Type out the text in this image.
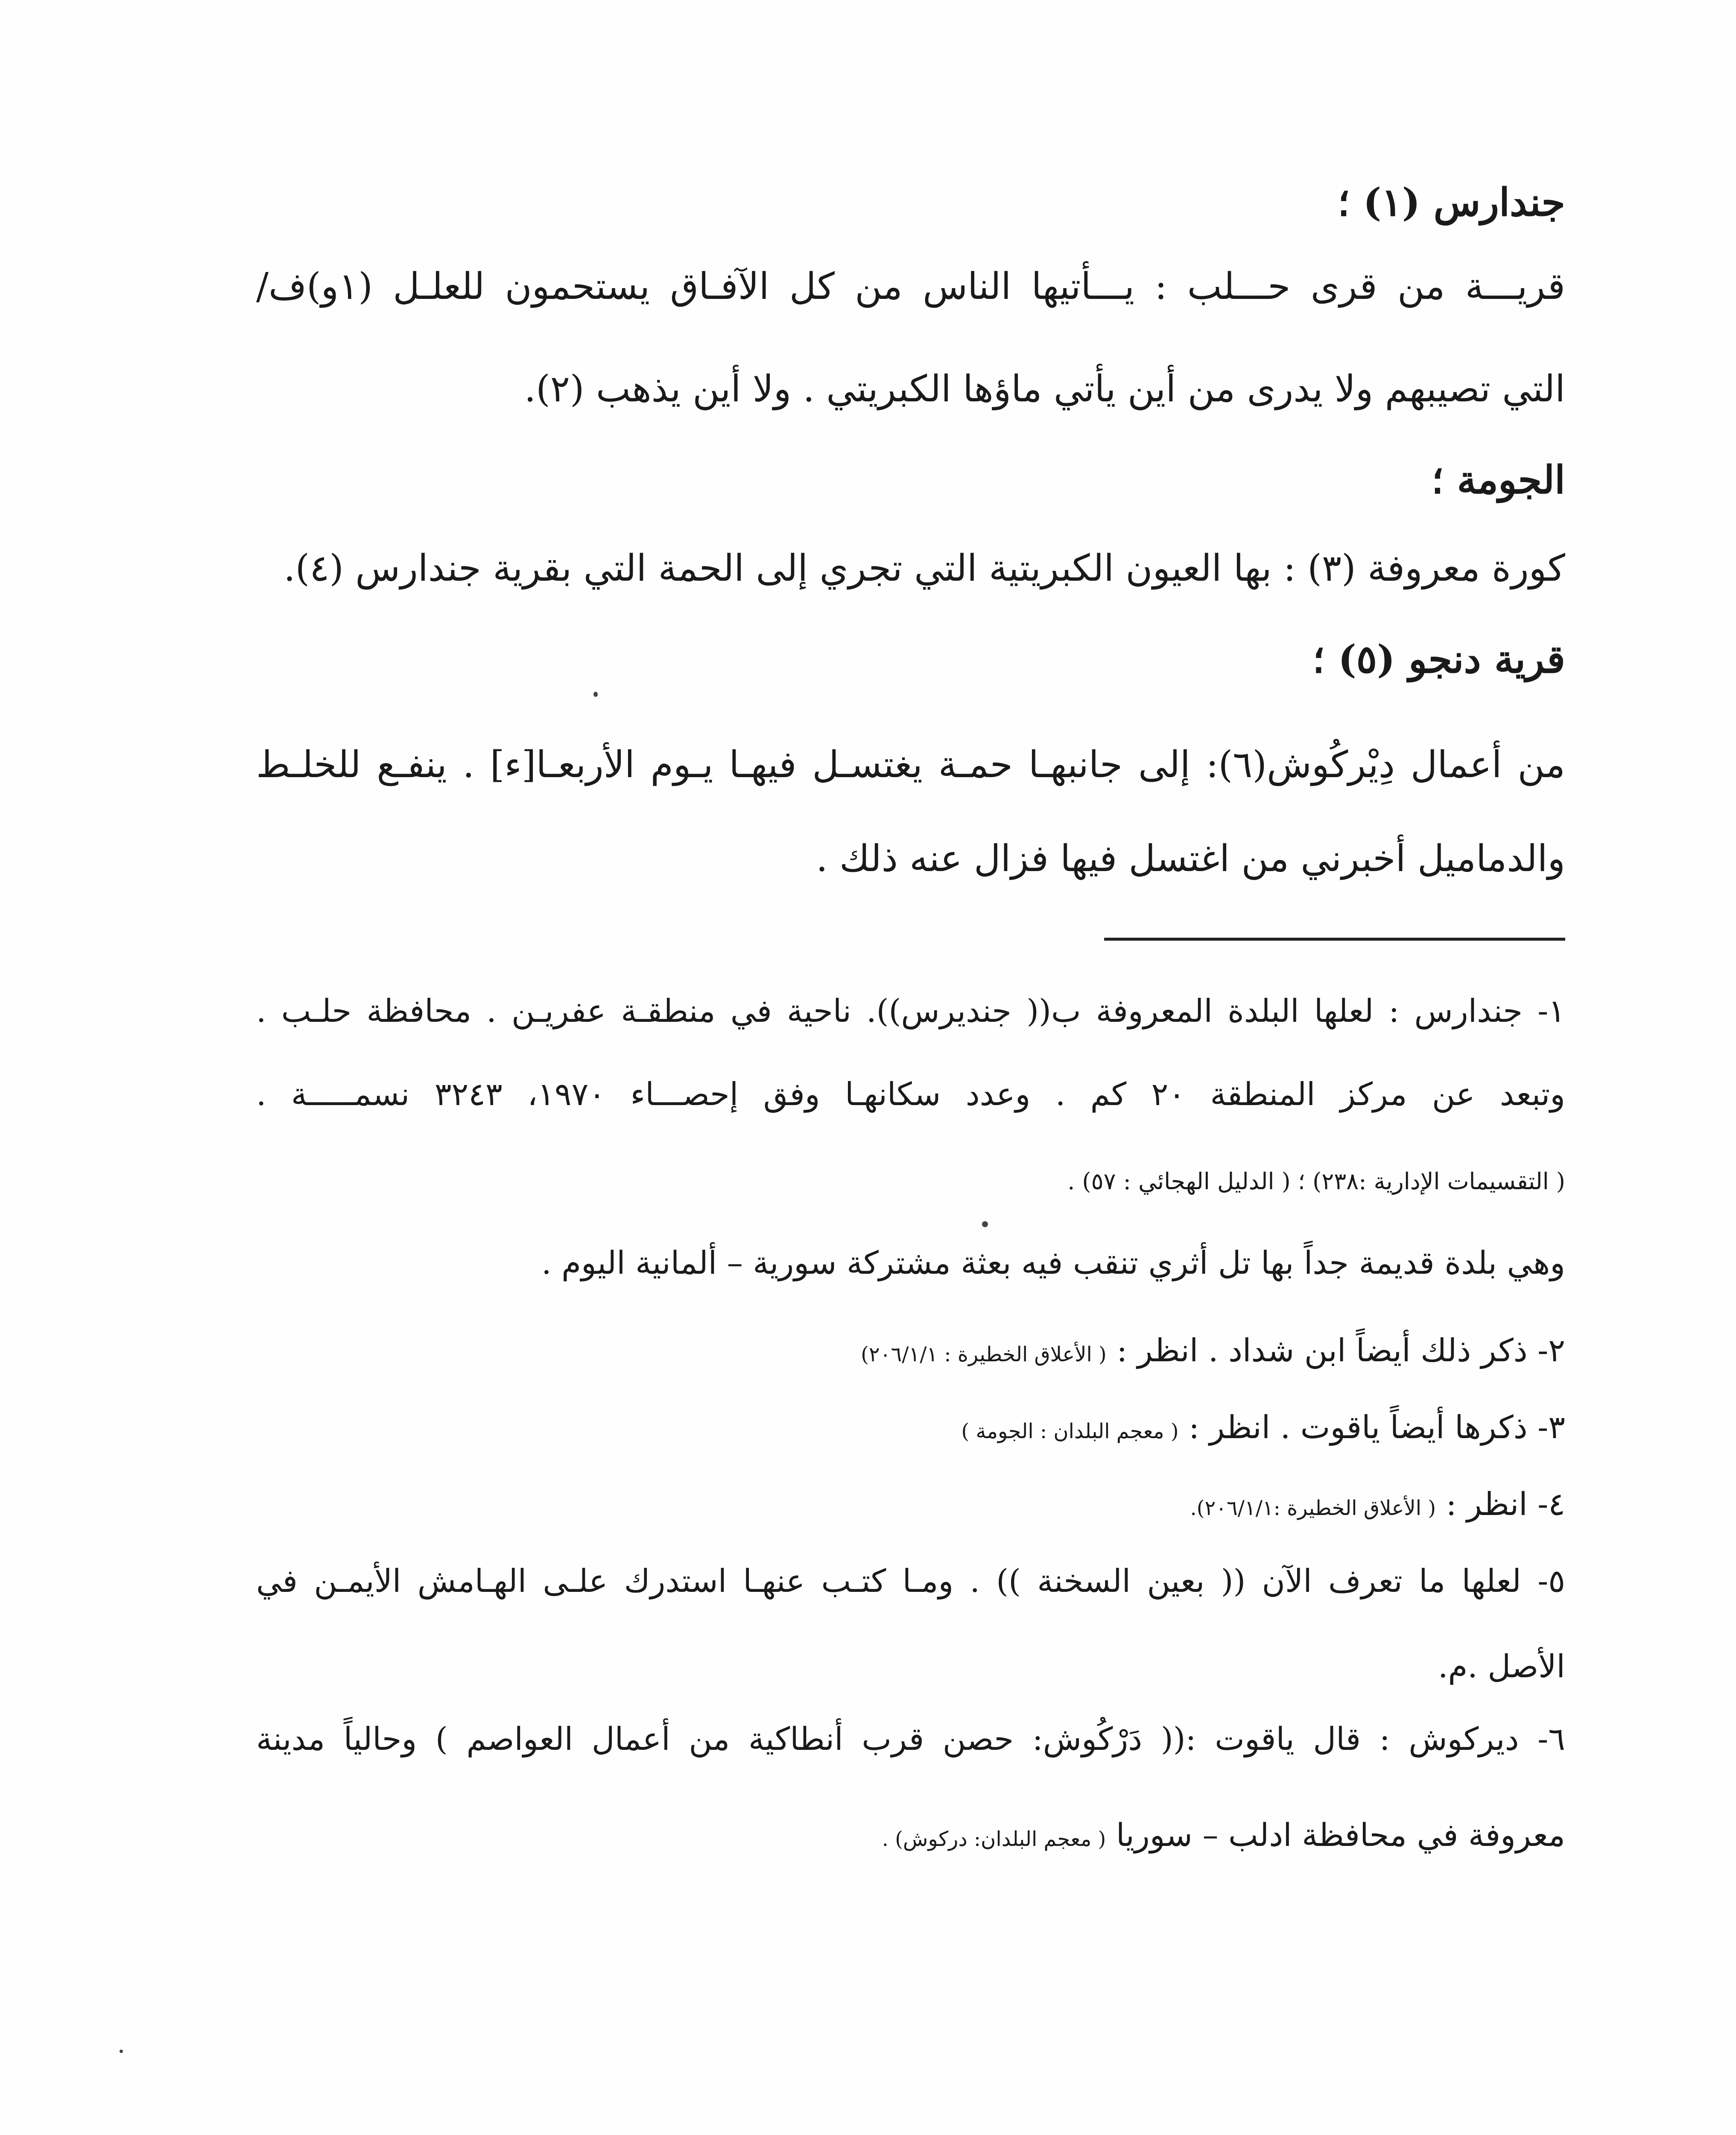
جندارس (١) ؛
قريـــة من قرى حـــلب : يـــأتيها الناس من كل الآفـاق يستحمون للعلـل (١و)ف/
التي تصيبهم ولا يدرى من أين يأتي ماؤها الكبريتي . ولا أين يذهب (٢).
الجومة ؛
كورة معروفة (٣) : بها العيون الكبريتية التي تجري إلى الحمة التي بقرية جندارس (٤).
قرية دنجو (٥) ؛
من أعمال دِيْركُوش(٦): إلى جانبهـا حمـة يغتسـل فيهـا يـوم الأربعـا[ء] . ينفـع للخلـط
والدماميل أخبرني من اغتسل فيها فزال عنه ذلك .
١- جندارس : لعلها البلدة المعروفة ب(( جنديرس)). ناحية في منطقـة عفريـن . محافظة حلـب .
وتبعد عن مركز المنطقة ٢٠ كم . وعدد سكانهـا وفق إحصـــاء ١٩٧٠، ٣٢٤٣ نسمـــــة .
( التقسيمات الإدارية :٢٣٨) ؛ ( الدليل الهجائي : ٥٧) .
وهي بلدة قديمة جداً بها تل أثري تنقب فيه بعثة مشتركة سورية – ألمانية اليوم .
٢- ذكر ذلك أيضاً ابن شداد . انظر : ( الأعلاق الخطيرة : ٢٠٦/١/١)
٣- ذكرها أيضاً ياقوت . انظر : ( معجم البلدان : الجومة )
٤- انظر : ( الأعلاق الخطيرة :٢٠٦/١/١).
٥- لعلها ما تعرف الآن (( بعين السخنة )) . ومـا كتـب عنهـا استدرك علـى الهـامش الأيمـن في
الأصل .م.
٦- ديركوش : قال ياقوت :(( دَرْكُوش: حصن قرب أنطاكية من أعمال العواصم ) وحالياً مدينة
معروفة في محافظة ادلب – سوريا ( معجم البلدان: دركوش) .
